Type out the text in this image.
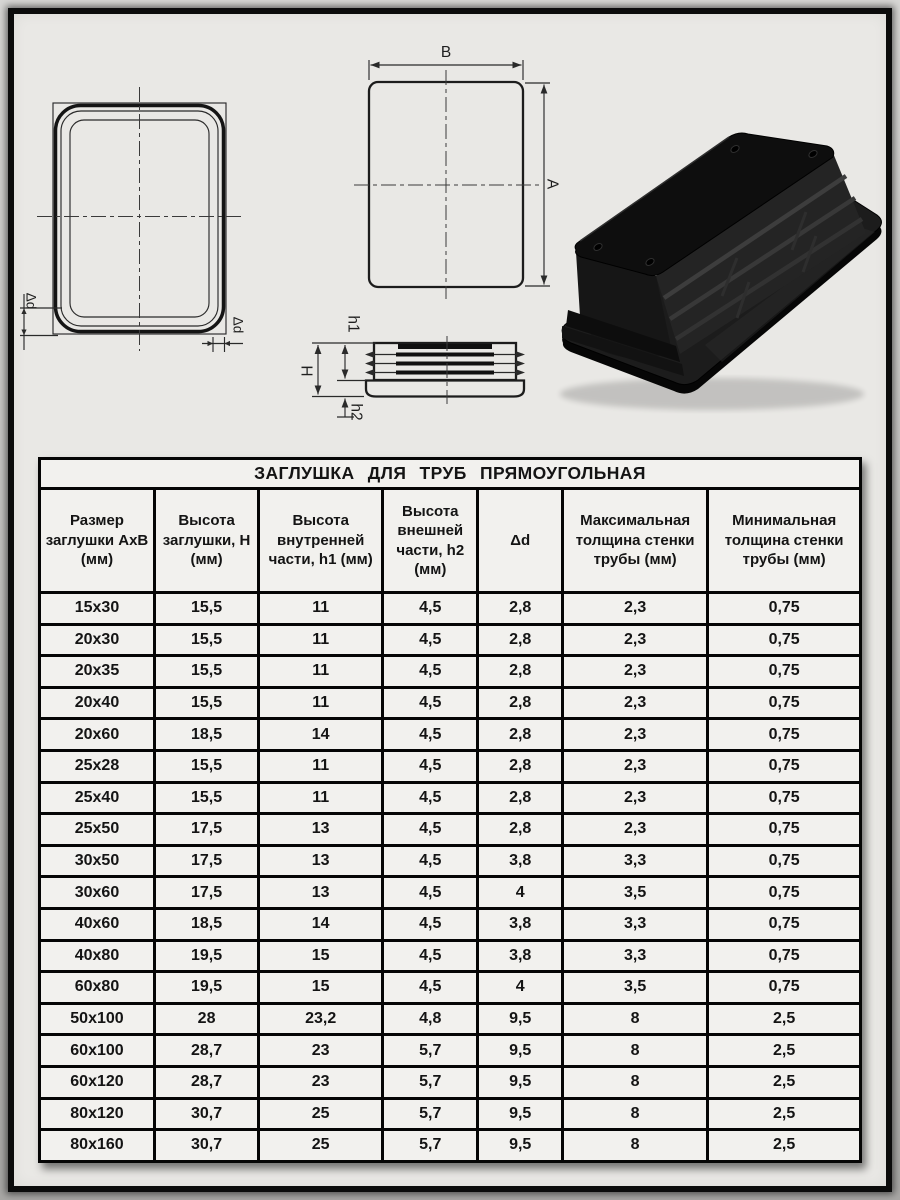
Δd
Δd
B
A
H
h1
h2
ЗАГЛУШКА ДЛЯ ТРУБ ПРЯМОУГОЛЬНАЯ						
Размер заглушки АхВ (мм)	Высота заглушки, Н (мм)	Высота внутренней части, h1 (мм)	Высота внешней части, h2 (мм)	Δd	Максимальная толщина стенки трубы (мм)	Минимальная толщина стенки трубы (мм)
15х30	15,5	11	4,5	2,8	2,3	0,75
20х30	15,5	11	4,5	2,8	2,3	0,75
20х35	15,5	11	4,5	2,8	2,3	0,75
20х40	15,5	11	4,5	2,8	2,3	0,75
20х60	18,5	14	4,5	2,8	2,3	0,75
25х28	15,5	11	4,5	2,8	2,3	0,75
25х40	15,5	11	4,5	2,8	2,3	0,75
25х50	17,5	13	4,5	2,8	2,3	0,75
30х50	17,5	13	4,5	3,8	3,3	0,75
30х60	17,5	13	4,5	4	3,5	0,75
40х60	18,5	14	4,5	3,8	3,3	0,75
40х80	19,5	15	4,5	3,8	3,3	0,75
60х80	19,5	15	4,5	4	3,5	0,75
50х100	28	23,2	4,8	9,5	8	2,5
60х100	28,7	23	5,7	9,5	8	2,5
60х120	28,7	23	5,7	9,5	8	2,5
80х120	30,7	25	5,7	9,5	8	2,5
80х160	30,7	25	5,7	9,5	8	2,5
